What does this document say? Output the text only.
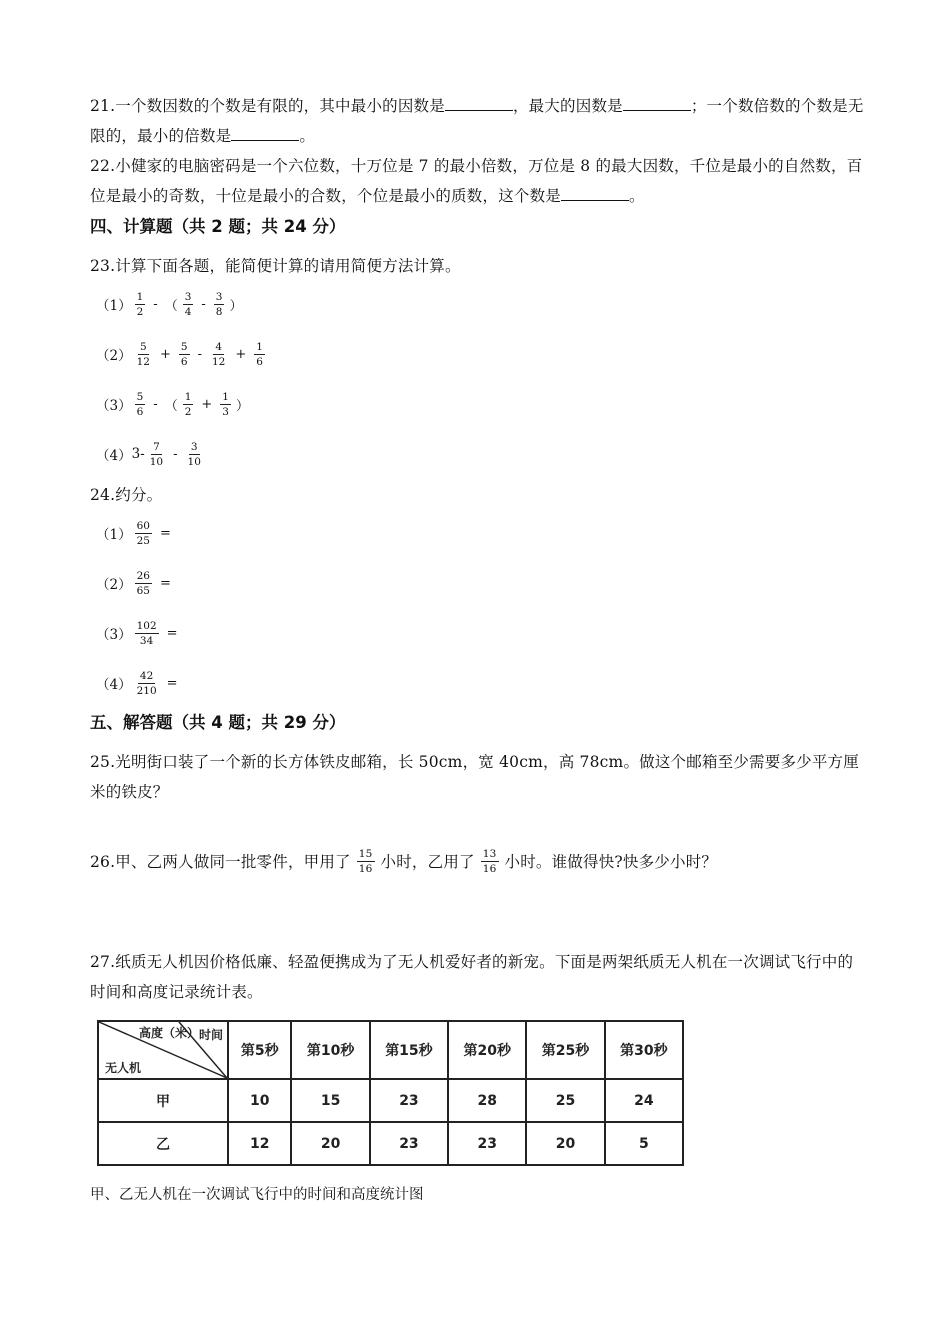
21.一个数因数的个数是有限的，其中最小的因数是	，最大的因数是	；一个数倍数的个数是无限的，最小的倍数是	。
22.小健家的电脑密码是一个六位数，十万位是 7 的最小倍数，万位是 8 的最大因数，千位是最小的自然数，百位是最小的奇数，十位是最小的合数，个位是最小的质数，这个数是	。
四、计算题（共 2 题；共 24 分）
23.计算下面各题，能简便计算的请用简便方法计算。
$(1) \frac{1}{2}$ - （ $\frac{3}{4} - \frac{3}{8}$ ）
$(2) \frac{5}{12} + \frac{5}{6} - \frac{4}{12} + \frac{1}{6}$
$(3) \frac{5}{6}$ - （ $\frac{1}{2} + \frac{1}{3}$ ）
（4） $3- \frac{7}{10} - \frac{3}{10}$
24.约分。
$(1) \frac{60}{25}$ =
$(2) \frac{26}{65}$ =
$(3) \frac{102}{34}$ =
$(4) \frac{42}{210}$ =
五、解答题（共 4 题；共 29 分）
25.光明街口装了一个新的长方体铁皮邮箱，长 50cm，宽 40cm，高 78cm。做这个邮箱至少需要多少平方厘米的铁皮？
26.甲、乙两人做同一批零件，甲用了 $\frac{15}{16}$ 小时，乙用了 $\frac{13}{16}$ 小时。谁做得快?快多少小时？
27.纸质无人机因价格低廉、轻盈便携成为了无人机爱好者的新宠。下面是两架纸质无人机在一次调试飞行中的时间和高度记录统计表。
时间
高度（米）
无人机	第5秒	第10秒	第15秒	第20秒	第25秒	第30秒
甲	10	15	23	28	25	24
乙	12	20	23	23	20	5
甲、乙无人机在一次调试飞行中的时间和高度统计图
